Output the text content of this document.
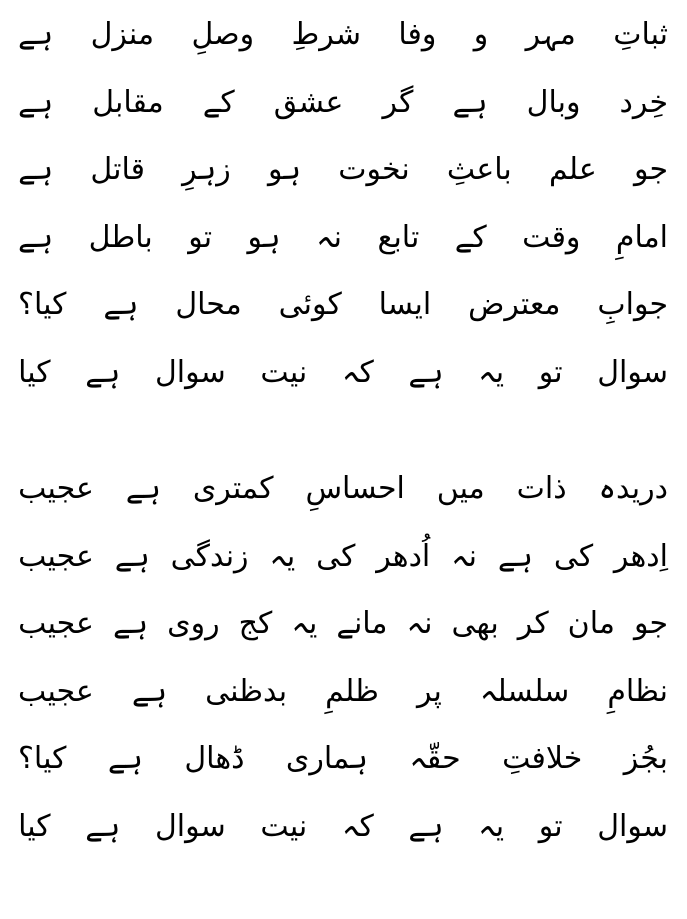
ثباتِ
مہر
و
وفا
شرطِ
وصلِ
منزل
ہے
خِرد
وبال
ہے
گر
عشق
کے
مقابل
ہے
جو
علم
باعثِ
نخوت
ہو
زہرِ
قاتل
ہے
امامِ
وقت
کے
تابع
نہ
ہو
تو
باطل
ہے
جوابِ
معترض
ایسا
کوئی
محال
ہے
کیا؟
سوال
تو
یہ
ہے
کہ
نیت
سوال
ہے
کیا
دریدہ
ذات
میں
احساسِ
کمتری
ہے
عجیب
اِدھر
کی
ہے
نہ
اُدھر
کی
یہ
زندگی
ہے
عجیب
جو
مان
کر
بھی
نہ
مانے
یہ
کج
روی
ہے
عجیب
نظامِ
سلسلہ
پر
ظلمِ
بدظنی
ہے
عجیب
بجُز
خلافتِ
حقّہ
ہماری
ڈھال
ہے
کیا؟
سوال
تو
یہ
ہے
کہ
نیت
سوال
ہے
کیا
